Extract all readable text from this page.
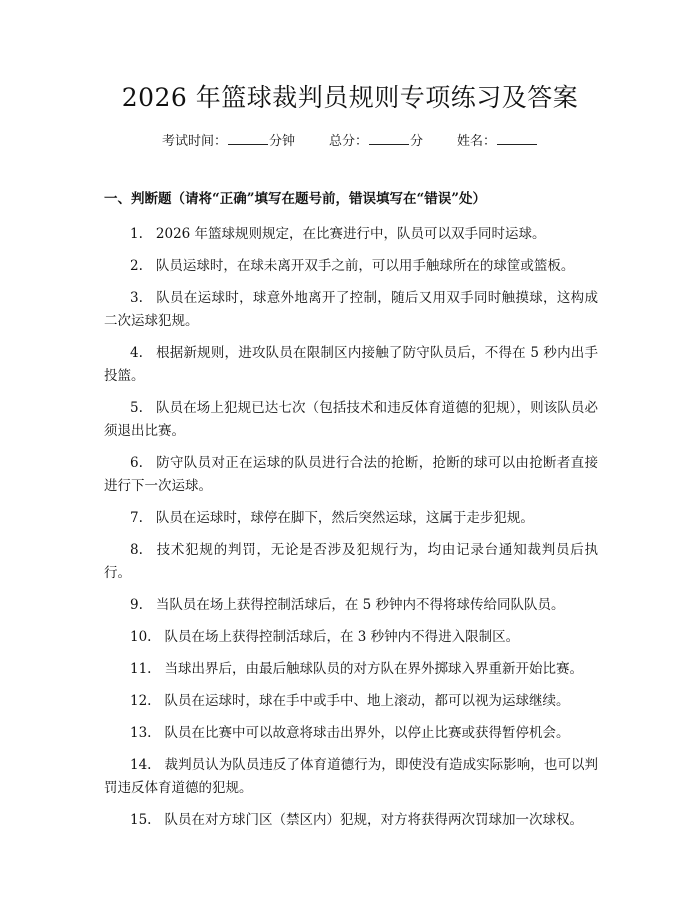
2026 年篮球裁判员规则专项练习及答案
考试时间：	分钟	总分：	分	姓名：
一、判断题（请将“正确”填写在题号前，错误填写在“错误”处）
1. 2026 年篮球规则规定，在比赛进行中，队员可以双手同时运球。
2. 队员运球时，在球未离开双手之前，可以用手触球所在的球筐或篮板。
3. 队员在运球时，球意外地离开了控制，随后又用双手同时触摸球，这构成二次运球犯规。
4. 根据新规则，进攻队员在限制区内接触了防守队员后，不得在 5 秒内出手投篮。
5. 队员在场上犯规已达七次（包括技术和违反体育道德的犯规），则该队员必须退出比赛。
6. 防守队员对正在运球的队员进行合法的抢断，抢断的球可以由抢断者直接进行下一次运球。
7. 队员在运球时，球停在脚下，然后突然运球，这属于走步犯规。
8. 技术犯规的判罚，无论是否涉及犯规行为，均由记录台通知裁判员后执行。
9. 当队员在场上获得控制活球后，在 5 秒钟内不得将球传给同队队员。
10. 队员在场上获得控制活球后，在 3 秒钟内不得进入限制区。
11. 当球出界后，由最后触球队员的对方队在界外掷球入界重新开始比赛。
12. 队员在运球时，球在手中或手中、地上滚动，都可以视为运球继续。
13. 队员在比赛中可以故意将球击出界外，以停止比赛或获得暂停机会。
14. 裁判员认为队员违反了体育道德行为，即使没有造成实际影响，也可以判罚违反体育道德的犯规。
15. 队员在对方球门区（禁区内）犯规，对方将获得两次罚球加一次球权。
